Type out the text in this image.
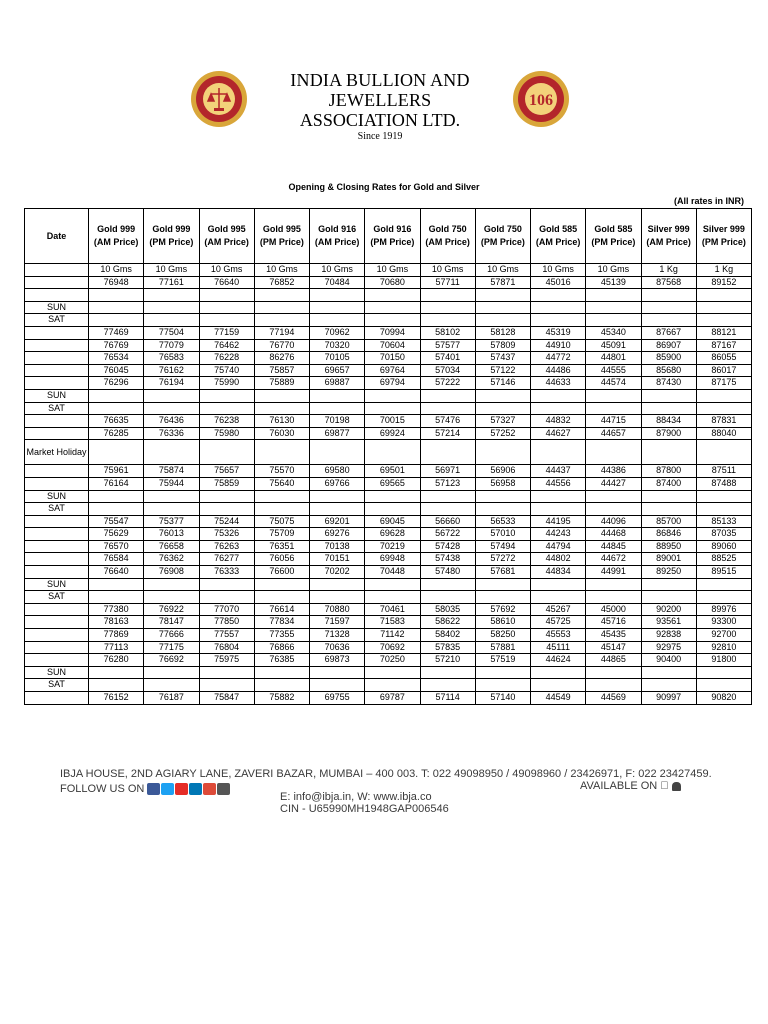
INDIA BULLION AND JEWELLERS
ASSOCIATION LTD.
Since 1919
106
Opening & Closing Rates for Gold and Silver
(All rates in INR)
Date	Gold 999 (AM Price)	Gold 999 (PM Price)	Gold 995 (AM Price)	Gold 995 (PM Price)	Gold 916 (AM Price)	Gold 916 (PM Price)	Gold 750 (AM Price)	Gold 750 (PM Price)	Gold 585 (AM Price)	Gold 585 (PM Price)	Silver 999 (AM Price)	Silver 999 (PM Price)
	10 Gms	10 Gms	10 Gms	10 Gms	10 Gms	10 Gms	10 Gms	10 Gms	10 Gms	10 Gms	1 Kg	1 Kg
	76948	77161	76640	76852	70484	70680	57711	57871	45016	45139	87568	89152

SUN												
SAT												
	77469	77504	77159	77194	70962	70994	58102	58128	45319	45340	87667	88121
	76769	77079	76462	76770	70320	70604	57577	57809	44910	45091	86907	87167
	76534	76583	76228	86276	70105	70150	57401	57437	44772	44801	85900	86055
	76045	76162	75740	75857	69657	69764	57034	57122	44486	44555	85680	86017
	76296	76194	75990	75889	69887	69794	57222	57146	44633	44574	87430	87175
SUN												
SAT												
	76635	76436	76238	76130	70198	70015	57476	57327	44832	44715	88434	87831
	76285	76336	75980	76030	69877	69924	57214	57252	44627	44657	87900	88040
Market Holiday												
	75961	75874	75657	75570	69580	69501	56971	56906	44437	44386	87800	87511
	76164	75944	75859	75640	69766	69565	57123	56958	44556	44427	87400	87488
SUN												
SAT												
	75547	75377	75244	75075	69201	69045	56660	56533	44195	44096	85700	85133
	75629	76013	75326	75709	69276	69628	56722	57010	44243	44468	86846	87035
	76570	76658	76263	76351	70138	70219	57428	57494	44794	44845	88950	89060
	76584	76362	76277	76056	70151	69948	57438	57272	44802	44672	89001	88525
	76640	76908	76333	76600	70202	70448	57480	57681	44834	44991	89250	89515
SUN												
SAT												
	77380	76922	77070	76614	70880	70461	58035	57692	45267	45000	90200	89976
	78163	78147	77850	77834	71597	71583	58622	58610	45725	45716	93561	93300
	77869	77666	77557	77355	71328	71142	58402	58250	45553	45435	92838	92700
	77113	77175	76804	76866	70636	70692	57835	57881	45111	45147	92975	92810
	76280	76692	75975	76385	69873	70250	57210	57519	44624	44865	90400	91800
SUN												
SAT												
	76152	76187	75847	75882	69755	69787	57114	57140	44549	44569	90997	90820
IBJA HOUSE, 2ND AGIARY LANE, ZAVERI BAZAR, MUMBAI – 400 003. T: 022 49098950 / 49098960 / 23426971, F: 022 23427459.
FOLLOW US ON
E: info@ibja.in, W: www.ibja.co
AVAILABLE ON
CIN - U65990MH1948GAP006546
